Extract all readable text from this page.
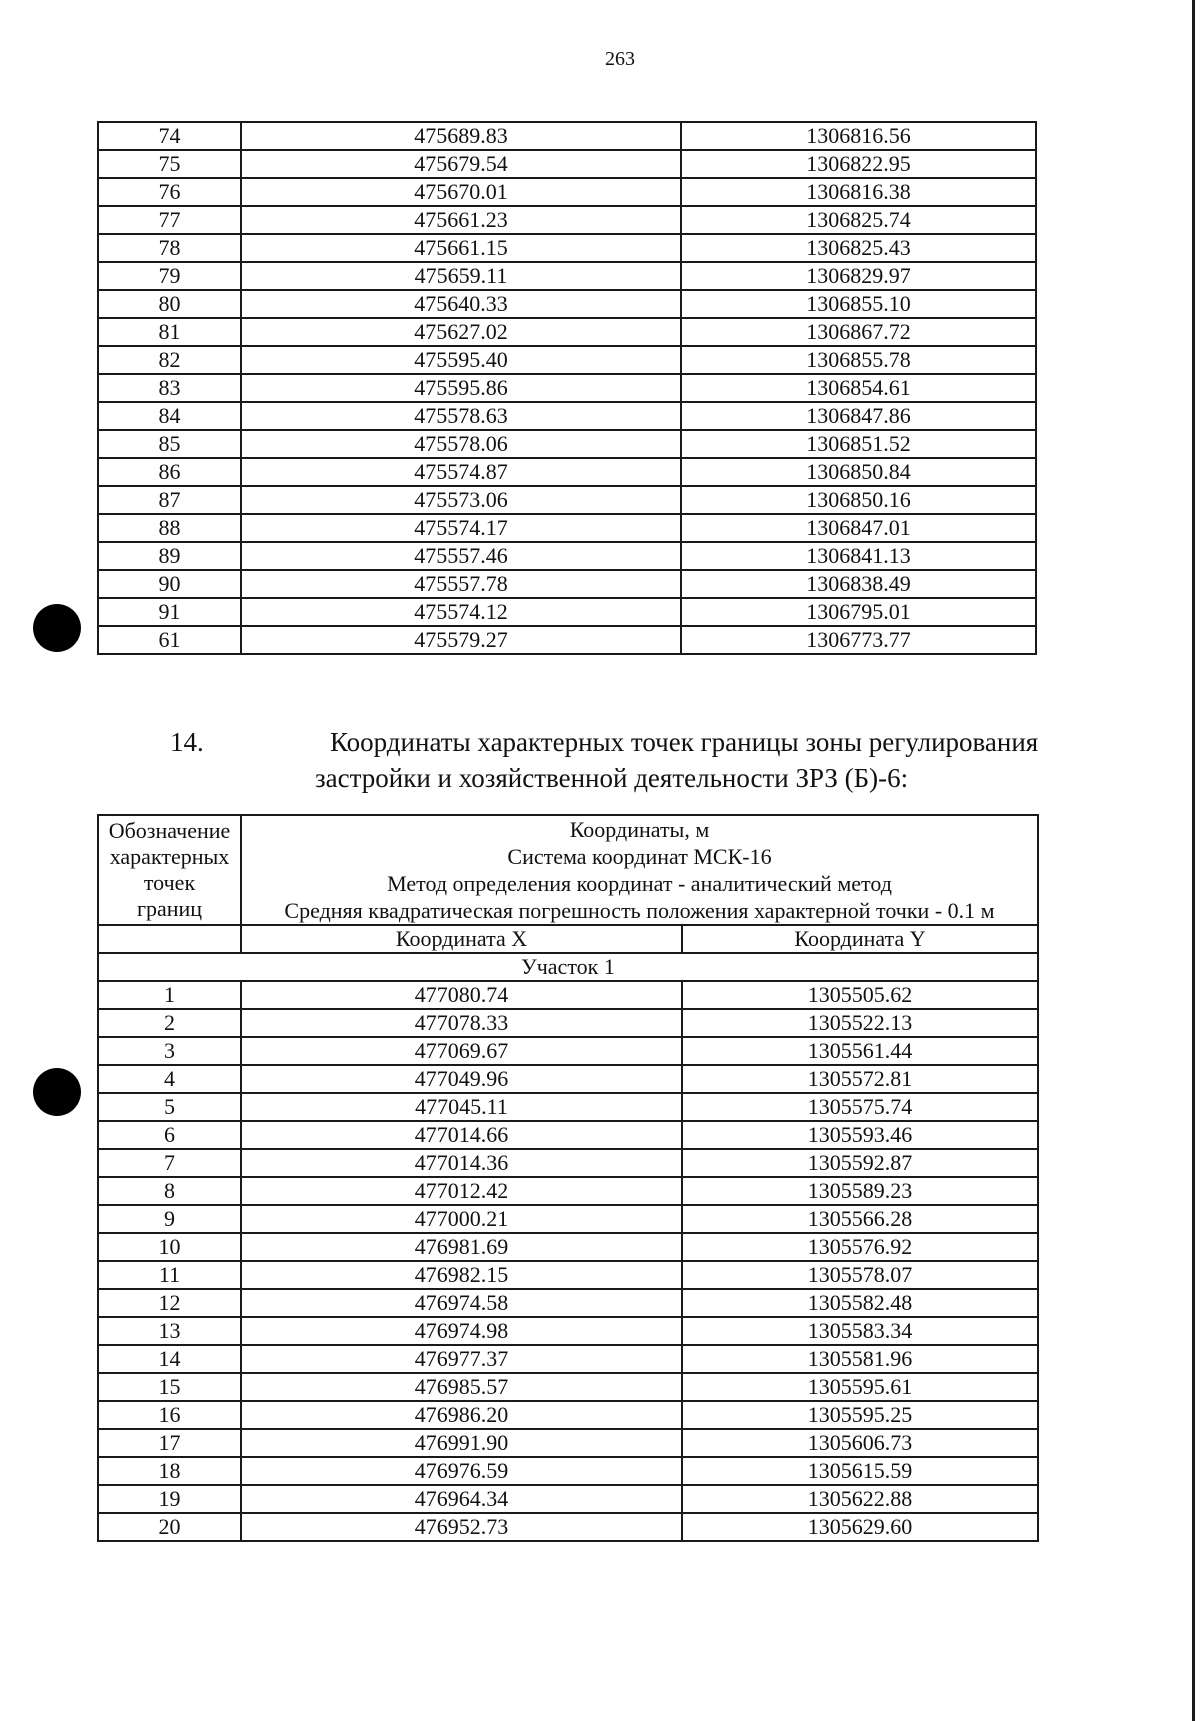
263
74	475689.83	1306816.56
75	475679.54	1306822.95
76	475670.01	1306816.38
77	475661.23	1306825.74
78	475661.15	1306825.43
79	475659.11	1306829.97
80	475640.33	1306855.10
81	475627.02	1306867.72
82	475595.40	1306855.78
83	475595.86	1306854.61
84	475578.63	1306847.86
85	475578.06	1306851.52
86	475574.87	1306850.84
87	475573.06	1306850.16
88	475574.17	1306847.01
89	475557.46	1306841.13
90	475557.78	1306838.49
91	475574.12	1306795.01
61	475579.27	1306773.77
14.	Координаты характерных точек границы зоны регулирования
застройки и хозяйственной деятельности ЗРЗ (Б)-6:
Обозначение
характерных
точек
границ	Координаты, м
Система координат МСК-16
Метод определения координат - аналитический метод
Средняя квадратическая погрешность положения характерной точки - 0.1 м	

	Координата X	Координата Y
Участок 1		
1	477080.74	1305505.62
2	477078.33	1305522.13
3	477069.67	1305561.44
4	477049.96	1305572.81
5	477045.11	1305575.74
6	477014.66	1305593.46
7	477014.36	1305592.87
8	477012.42	1305589.23
9	477000.21	1305566.28
10	476981.69	1305576.92
11	476982.15	1305578.07
12	476974.58	1305582.48
13	476974.98	1305583.34
14	476977.37	1305581.96
15	476985.57	1305595.61
16	476986.20	1305595.25
17	476991.90	1305606.73
18	476976.59	1305615.59
19	476964.34	1305622.88
20	476952.73	1305629.60
